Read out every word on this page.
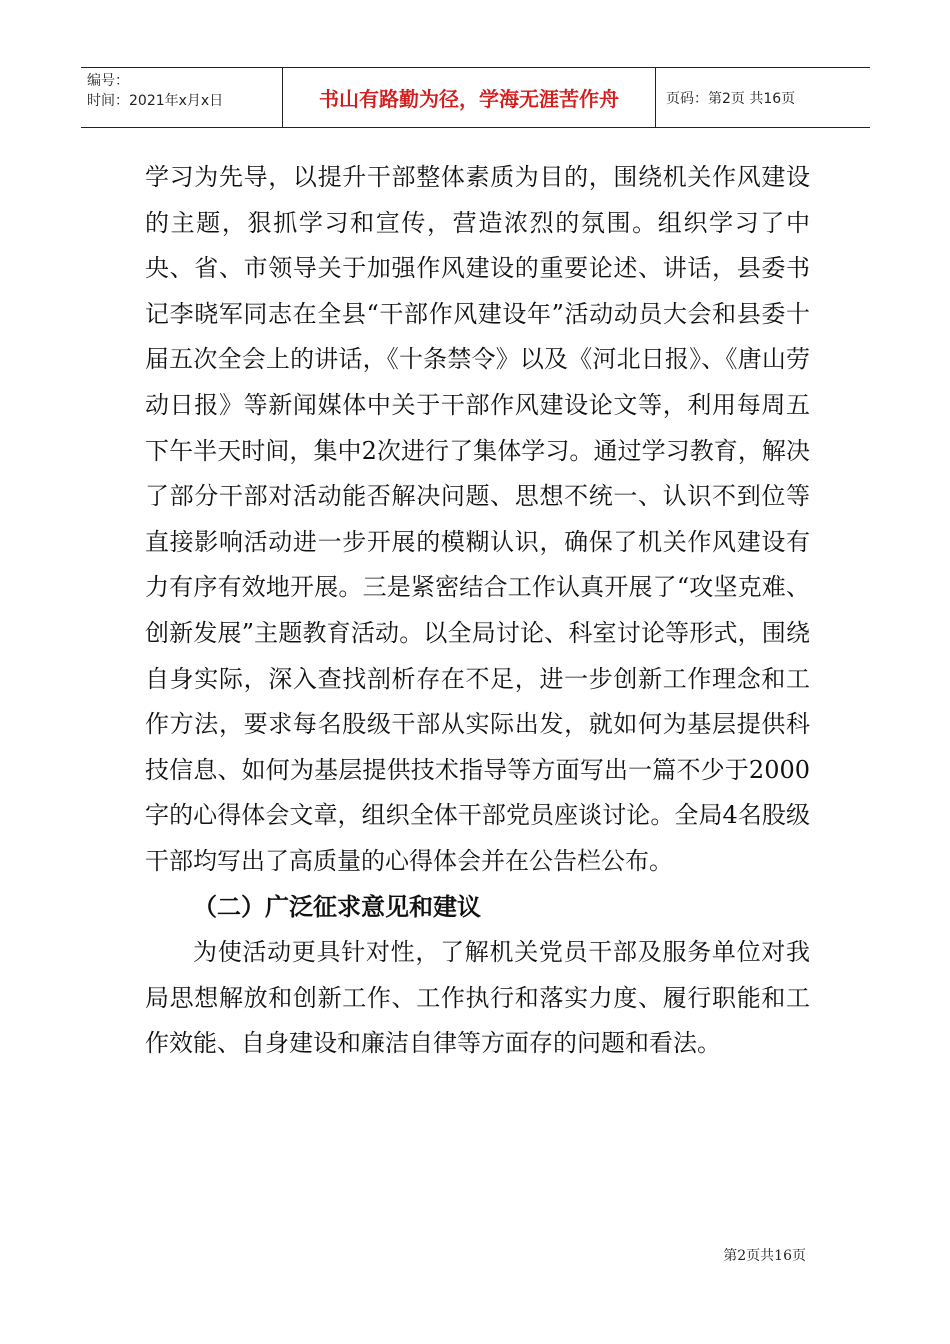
编号：
时间：2021年x月x日	书山有路勤为径，学海无涯苦作舟	页码：第2页 共16页

学习为先导，以提升干部整体素质为目的，围绕机关作风建设的主题，狠抓学习和宣传，营造浓烈的氛围。组织学习了中央、省、市领导关于加强作风建设的重要论述、讲话，县委书记李晓军同志在全县“干部作风建设年”活动动员大会和县委十届五次全会上的讲话，《十条禁令》以及《河北日报》、《唐山劳动日报》等新闻媒体中关于干部作风建设论文等，利用每周五下午半天时间，集中2次进行了集体学习。通过学习教育，解决了部分干部对活动能否解决问题、思想不统一、认识不到位等直接影响活动进一步开展的模糊认识，确保了机关作风建设有力有序有效地开展。三是紧密结合工作认真开展了“攻坚克难、创新发展”主题教育活动。以全局讨论、科室讨论等形式，围绕自身实际，深入查找剖析存在不足，进一步创新工作理念和工作方法，要求每名股级干部从实际出发，就如何为基层提供科技信息、如何为基层提供技术指导等方面写出一篇不少于2000字的心得体会文章，组织全体干部党员座谈讨论。全局4名股级干部均写出了高质量的心得体会并在公告栏公布。

（二）广泛征求意见和建议

为使活动更具针对性，了解机关党员干部及服务单位对我局思想解放和创新工作、工作执行和落实力度、履行职能和工作效能、自身建设和廉洁自律等方面存的问题和看法。

第2页共16页
